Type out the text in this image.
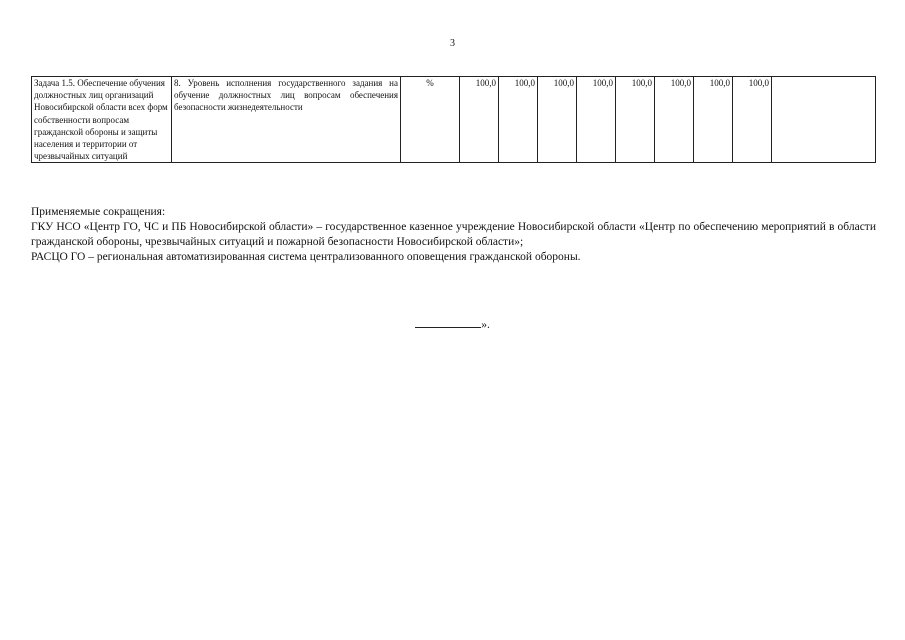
3
Задача 1.5. Обеспечение обучения должностных лиц организаций Новосибирской области всех форм собственности вопросам гражданской обороны и защиты населения и территории от чрезвычайных ситуаций	8. Уровень исполнения государственного задания на обучение должностных лиц вопросам обеспечения безопасности жизнедеятельности	%	100,0	100,0	100,0	100,0	100,0	100,0	100,0	100,0	

Применяемые сокращения:

ГКУ НСО «Центр ГО, ЧС и ПБ Новосибирской области» – государственное казенное учреждение Новосибирской области «Центр по обеспечению мероприятий в области гражданской обороны, чрезвычайных ситуаций и пожарной безопасности Новосибирской области»;

РАСЦО ГО – региональная автоматизированная система централизованного оповещения гражданской обороны.

».
